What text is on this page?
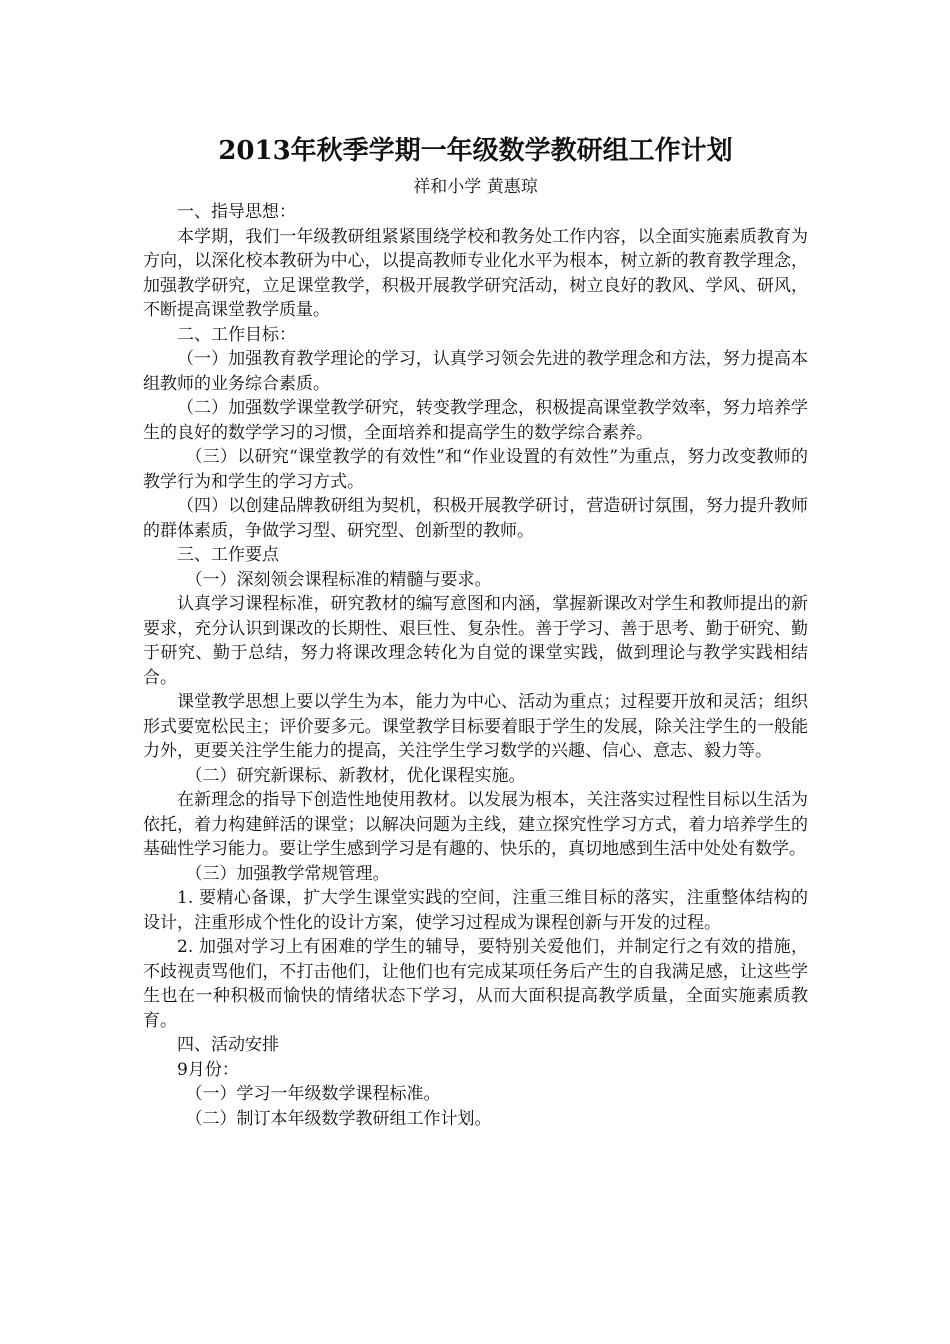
2013年秋季学期一年级数学教研组工作计划
祥和小学 黄惠琼

一、指导思想：

本学期，我们一年级教研组紧紧围绕学校和教务处工作内容，以全面实施素质教育为方向，以深化校本教研为中心，以提高教师专业化水平为根本，树立新的教育教学理念，加强教学研究，立足课堂教学，积极开展教学研究活动，树立良好的教风、学风、研风，不断提高课堂教学质量。

二、工作目标：

（一）加强教育教学理论的学习，认真学习领会先进的教学理念和方法，努力提高本组教师的业务综合素质。

（二）加强数学课堂教学研究，转变教学理念，积极提高课堂教学效率，努力培养学生的良好的数学学习的习惯，全面培养和提高学生的数学综合素养。

（三）以研究“课堂教学的有效性”和“作业设置的有效性”为重点，努力改变教师的教学行为和学生的学习方式。

（四）以创建品牌教研组为契机，积极开展教学研讨，营造研讨氛围，努力提升教师的群体素质，争做学习型、研究型、创新型的教师。

三、工作要点

（一）深刻领会课程标准的精髓与要求。

认真学习课程标准，研究教材的编写意图和内涵，掌握新课改对学生和教师提出的新要求，充分认识到课改的长期性、艰巨性、复杂性。善于学习、善于思考、勤于研究、勤于研究、勤于总结，努力将课改理念转化为自觉的课堂实践，做到理论与教学实践相结合。

课堂教学思想上要以学生为本，能力为中心、活动为重点；过程要开放和灵活；组织形式要宽松民主；评价要多元。课堂教学目标要着眼于学生的发展，除关注学生的一般能力外，更要关注学生能力的提高，关注学生学习数学的兴趣、信心、意志、毅力等。

（二）研究新课标、新教材，优化课程实施。

在新理念的指导下创造性地使用教材。以发展为根本，关注落实过程性目标以生活为依托，着力构建鲜活的课堂；以解决问题为主线，建立探究性学习方式，着力培养学生的基础性学习能力。要让学生感到学习是有趣的、快乐的，真切地感到生活中处处有数学。

（三）加强教学常规管理。

1. 要精心备课，扩大学生课堂实践的空间，注重三维目标的落实，注重整体结构的设计，注重形成个性化的设计方案，使学习过程成为课程创新与开发的过程。

2. 加强对学习上有困难的学生的辅导，要特别关爱他们，并制定行之有效的措施，不歧视责骂他们，不打击他们，让他们也有完成某项任务后产生的自我满足感，让这些学生也在一种积极而愉快的情绪状态下学习，从而大面积提高教学质量，全面实施素质教育。

四、活动安排

9月份：

（一）学习一年级数学课程标准。

（二）制订本年级数学教研组工作计划。
